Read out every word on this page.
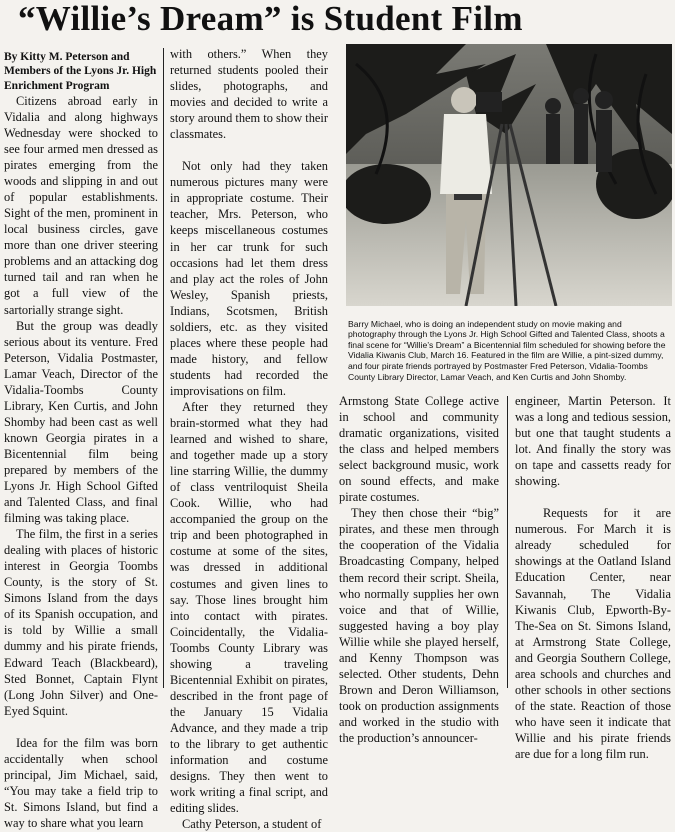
“Willie’s Dream” is Student Film

By Kitty M. Peterson and Members of the Lyons Jr. High Enrichment Program

Citizens abroad early in Vidalia and along highways Wednesday were shocked to see four armed men dressed as pirates emerging from the woods and slipping in and out of popular establishments. Sight of the men, prominent in local business circles, gave more than one driver steering problems and an attacking dog turned tail and ran when he got a full view of the sartorially strange sight.

But the group was deadly serious about its venture. Fred Peterson, Vidalia Postmaster, Lamar Veach, Director of the Vidalia-Toombs County Library, Ken Curtis, and John Shomby had been cast as well known Georgia pirates in a Bicentennial film being prepared by members of the Lyons Jr. High School Gifted and Talented Class, and final filming was taking place.

The film, the first in a series dealing with places of historic interest in Georgia Toombs County, is the story of St. Simons Island from the days of its Spanish occupation, and is told by Willie a small dummy and his pirate friends, Edward Teach (Blackbeard), Sted Bonnet, Captain Flynt (Long John Silver) and One-Eyed Squint.

Idea for the film was born accidentally when school principal, Jim Michael, said, “You may take a field trip to St. Simons Island, but find a way to share what you learn

with others.” When they returned students pooled their slides, photographs, and movies and decided to write a story around them to show their classmates.

Not only had they taken numerous pictures many were in appropriate costume. Their teacher, Mrs. Peterson, who keeps miscellaneous costumes in her car trunk for such occasions had let them dress and play act the roles of John Wesley, Spanish priests, Indians, Scotsmen, British soldiers, etc. as they visited places where these people had made history, and fellow students had recorded the improvisations on film.

After they returned they brain-stormed what they had learned and wished to share, and together made up a story line starring Willie, the dummy of class ventriloquist Sheila Cook. Willie, who had accompanied the group on the trip and been photographed in costume at some of the sites, was dressed in additional costumes and given lines to say. Those lines brought him into contact with pirates. Coincidentally, the Vidalia-Toombs County Library was showing a traveling Bicentennial Exhibit on pirates, described in the front page of the January 15 Vidalia Advance, and they made a trip to the library to get authentic information and costume designs. They then went to work writing a final script, and editing slides.

Cathy Peterson, a student of

Barry Michael, who is doing an independent study on movie making and photography through the Lyons Jr. High School Gifted and Talented Class, shoots a final scene for “Willie’s Dream” a Bicentennial film scheduled for showing before the Vidalia Kiwanis Club, March 16. Featured in the film are Willie, a pint-sized dummy, and four pirate friends portrayed by Postmaster Fred Peterson, Vidalia-Toombs County Library Director, Lamar Veach, and Ken Curtis and John Shomby.

Armstong State College active in school and community dramatic organizations, visited the class and helped members select background music, work on sound effects, and make pirate costumes.

They then chose their “big” pirates, and these men through the cooperation of the Vidalia Broadcasting Company, helped them record their script. Sheila, who normally supplies her own voice and that of Willie, suggested having a boy play Willie while she played herself, and Kenny Thompson was selected. Other students, Dehn Brown and Deron Williamson, took on production assignments and worked in the studio with the production’s announcer-

engineer, Martin Peterson. It was a long and tedious session, but one that taught students a lot. And finally the story was on tape and cassetts ready for showing.

Requests for it are numerous. For March it is already scheduled for showings at the Oatland Island Education Center, near Savannah, The Vidalia Kiwanis Club, Epworth-By-The-Sea on St. Simons Island, at Armstrong State College, and Georgia Southern College, area schools and churches and other schools in other sections of the state. Reaction of those who have seen it indicate that Willie and his pirate friends are due for a long film run.
